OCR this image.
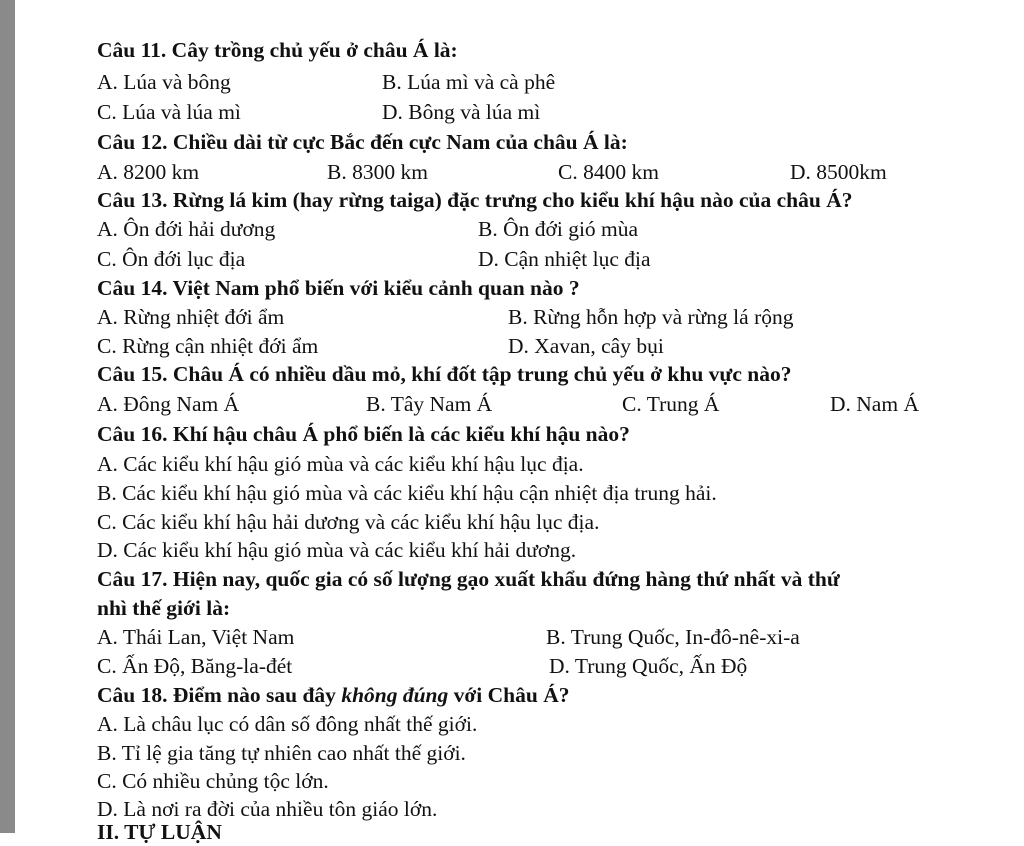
Câu 11. Cây trồng chủ yếu ở châu Á là:
A. Lúa và bông	B. Lúa mì và cà phê
C. Lúa và lúa mì	D. Bông và lúa mì
Câu 12. Chiều dài từ cực Bắc đến cực Nam của châu Á là:
A. 8200 km	B. 8300 km	C. 8400 km	D. 8500km
Câu 13. Rừng lá kim (hay rừng taiga) đặc trưng cho kiểu khí hậu nào của châu Á?
A. Ôn đới hải dương	B. Ôn đới gió mùa
C. Ôn đới lục địa	D. Cận nhiệt lục địa
Câu 14. Việt Nam phổ biến với kiểu cảnh quan nào ?
A. Rừng nhiệt đới ẩm	B. Rừng hỗn hợp và rừng lá rộng
C. Rừng cận nhiệt đới ẩm	D. Xavan, cây bụi
Câu 15. Châu Á có nhiều dầu mỏ, khí đốt tập trung chủ yếu ở khu vực nào?
A. Đông Nam Á	B. Tây Nam Á	C. Trung Á	D. Nam Á
Câu 16. Khí hậu châu Á phổ biến là các kiểu khí hậu nào?
A. Các kiểu khí hậu gió mùa và các kiểu khí hậu lục địa.
B. Các kiểu khí hậu gió mùa và các kiểu khí hậu cận nhiệt địa trung hải.
C. Các kiểu khí hậu hải dương và các kiểu khí hậu lục địa.
D. Các kiểu khí hậu gió mùa và các kiểu khí hải dương.
Câu 17. Hiện nay, quốc gia có số lượng gạo xuất khẩu đứng hàng thứ nhất và thứ
nhì thế giới là:
A. Thái Lan, Việt Nam	B. Trung Quốc, In-đô-nê-xi-a
C. Ấn Độ, Băng-la-đét	D. Trung Quốc, Ấn Độ
Câu 18. Điểm nào sau đây không đúng với Châu Á?
A. Là châu lục có dân số đông nhất thế giới.
B. Tỉ lệ gia tăng tự nhiên cao nhất thế giới.
C. Có nhiều chủng tộc lớn.
D. Là nơi ra đời của nhiều tôn giáo lớn.
II. TỰ LUẬN
